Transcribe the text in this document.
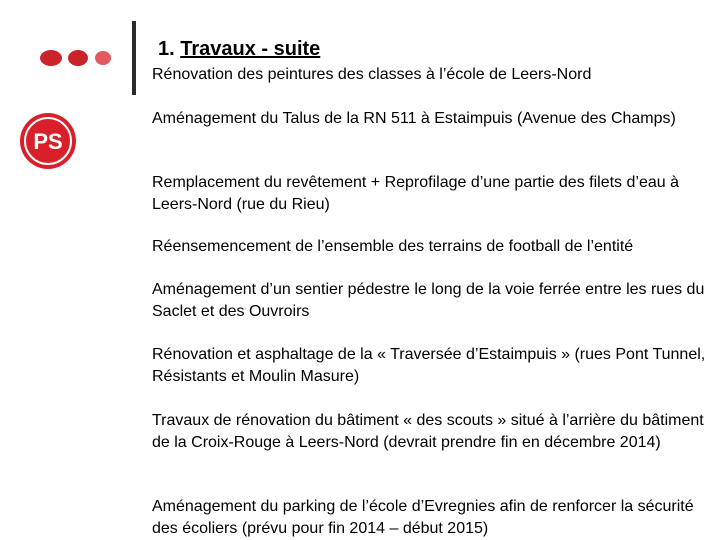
PS
1. Travaux - suite

Rénovation des peintures des classes à l’école de Leers-Nord

Aménagement du Talus de la RN 511 à Estaimpuis (Avenue des Champs)

Remplacement du revêtement + Reprofilage d’une partie des filets d’eau à Leers-Nord (rue du Rieu)

Réensemencement de l’ensemble des terrains de football de l’entité

Aménagement d’un sentier pédestre le long de la voie ferrée entre les rues du Saclet et des Ouvroirs

Rénovation et asphaltage de la « Traversée d’Estaimpuis » (rues Pont Tunnel, Résistants et Moulin Masure)

Travaux de rénovation du bâtiment « des scouts » situé à l’arrière du bâtiment de la Croix-Rouge à Leers-Nord (devrait prendre fin en décembre 2014)

Aménagement du parking de l’école d’Evregnies afin de renforcer la sécurité des écoliers (prévu pour fin 2014 – début 2015)
